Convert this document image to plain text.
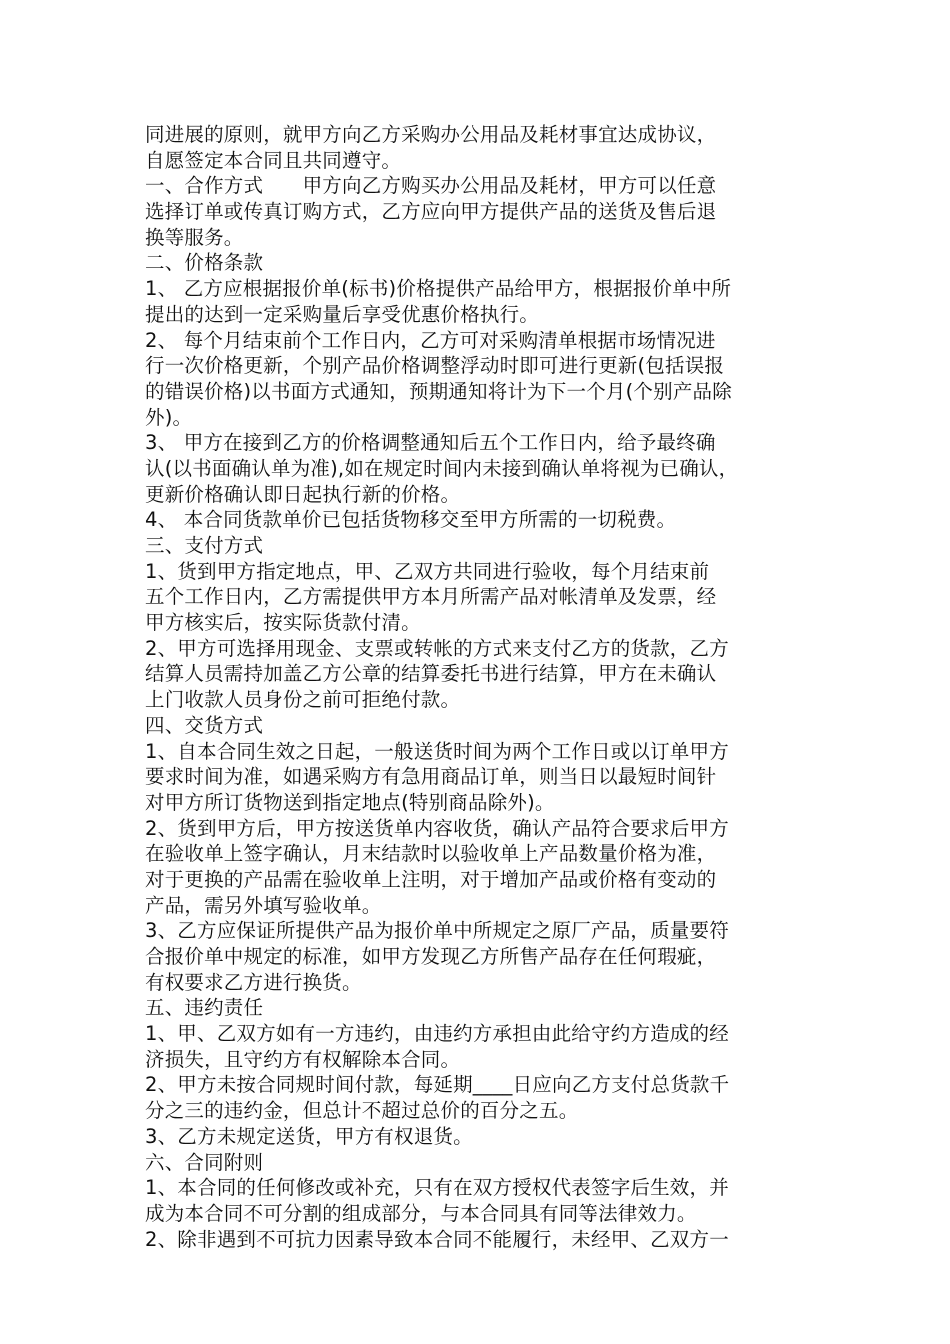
同进展的原则，就甲方向乙方采购办公用品及耗材事宜达成协议，
自愿签定本合同且共同遵守。
一、合作方式　　甲方向乙方购买办公用品及耗材，甲方可以任意
选择订单或传真订购方式，乙方应向甲方提供产品的送货及售后退
换等服务。
二、价格条款
1、 乙方应根据报价单(标书)价格提供产品给甲方，根据报价单中所
提出的达到一定采购量后享受优惠价格执行。
2、 每个月结束前个工作日内，乙方可对采购清单根据市场情况进
行一次价格更新，个别产品价格调整浮动时即可进行更新(包括误报
的错误价格)以书面方式通知，预期通知将计为下一个月(个别产品除
外)。
3、 甲方在接到乙方的价格调整通知后五个工作日内，给予最终确
认(以书面确认单为准),如在规定时间内未接到确认单将视为已确认，
更新价格确认即日起执行新的价格。
4、 本合同货款单价已包括货物移交至甲方所需的一切税费。
三、支付方式
1、货到甲方指定地点，甲、乙双方共同进行验收，每个月结束前
五个工作日内，乙方需提供甲方本月所需产品对帐清单及发票，经
甲方核实后，按实际货款付清。
2、甲方可选择用现金、支票或转帐的方式来支付乙方的货款，乙方
结算人员需持加盖乙方公章的结算委托书进行结算，甲方在未确认
上门收款人员身份之前可拒绝付款。
四、交货方式
1、自本合同生效之日起，一般送货时间为两个工作日或以订单甲方
要求时间为准，如遇采购方有急用商品订单，则当日以最短时间针
对甲方所订货物送到指定地点(特别商品除外)。
2、货到甲方后，甲方按送货单内容收货，确认产品符合要求后甲方
在验收单上签字确认，月末结款时以验收单上产品数量价格为准，
对于更换的产品需在验收单上注明，对于增加产品或价格有变动的
产品，需另外填写验收单。
3、乙方应保证所提供产品为报价单中所规定之原厂产品，质量要符
合报价单中规定的标准，如甲方发现乙方所售产品存在任何瑕疵，
有权要求乙方进行换货。
五、违约责任
1、甲、乙双方如有一方违约，由违约方承担由此给守约方造成的经
济损失，且守约方有权解除本合同。
2、甲方未按合同规时间付款，每延期____日应向乙方支付总货款千
分之三的违约金，但总计不超过总价的百分之五。
3、乙方未规定送货，甲方有权退货。
六、合同附则
1、本合同的任何修改或补充，只有在双方授权代表签字后生效，并
成为本合同不可分割的组成部分，与本合同具有同等法律效力。
2、除非遇到不可抗力因素导致本合同不能履行，未经甲、乙双方一
